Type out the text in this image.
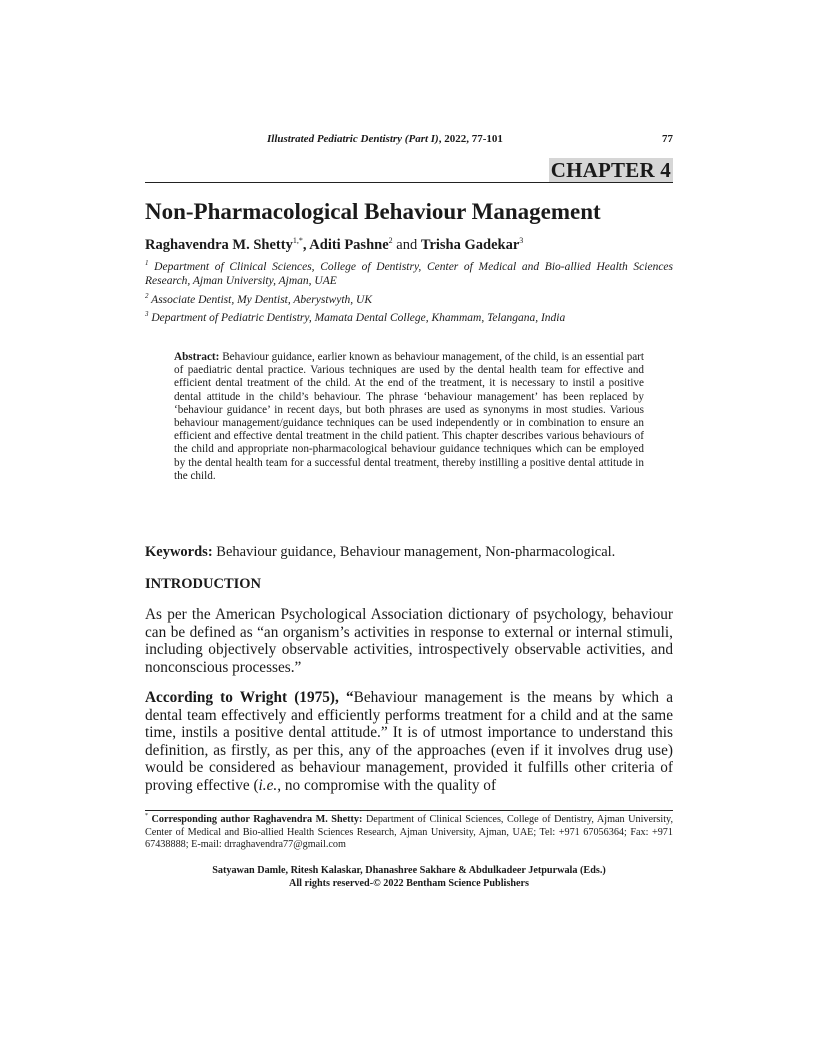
Illustrated Pediatric Dentistry (Part I), 2022, 77-101	77
CHAPTER 4
Non-Pharmacological Behaviour Management
Raghavendra M. Shetty$^{1,*}$, Aditi Pashne$^2$ and Trisha Gadekar$^3$

$^1$ Department of Clinical Sciences, College of Dentistry, Center of Medical and Bio-allied Health Sciences Research, Ajman University, Ajman, UAE

$^2$ Associate Dentist, My Dentist, Aberystwyth, UK

$^3$ Department of Pediatric Dentistry, Mamata Dental College, Khammam, Telangana, India

Abstract: Behaviour guidance, earlier known as behaviour management, of the child, is an essential part of paediatric dental practice. Various techniques are used by the dental health team for effective and efficient dental treatment of the child. At the end of the treatment, it is necessary to instil a positive dental attitude in the child’s behaviour. The phrase ‘behaviour management’ has been replaced by ‘behaviour guidance’ in recent days, but both phrases are used as synonyms in most studies. Various behaviour management/guidance techniques can be used independently or in combination to ensure an efficient and effective dental treatment in the child patient. This chapter describes various behaviours of the child and appropriate non-pharmacological behaviour guidance techniques which can be employed by the dental health team for a successful dental treatment, thereby instilling a positive dental attitude in the child.
Keywords: Behaviour guidance, Behaviour management, Non-pharmacological.
INTRODUCTION

As per the American Psychological Association dictionary of psychology, behaviour can be defined as “an organism’s activities in response to external or internal stimuli, including objectively observable activities, introspectively observable activities, and nonconscious processes.”

According to Wright (1975), “Behaviour management is the means by which a dental team effectively and efficiently performs treatment for a child and at the same time, instils a positive dental attitude.” It is of utmost importance to understand this definition, as firstly, as per this, any of the approaches (even if it involves drug use) would be considered as behaviour management, provided it fulfills other criteria of proving effective (i.e., no compromise with the quality of

* Corresponding author Raghavendra M. Shetty: Department of Clinical Sciences, College of Dentistry, Ajman University, Center of Medical and Bio-allied Health Sciences Research, Ajman University, Ajman, UAE; Tel: +971 67056364; Fax: +971 67438888; E-mail: drraghavendra77@gmail.com
Satyawan Damle, Ritesh Kalaskar, Dhanashree Sakhare & Abdulkadeer Jetpurwala (Eds.)
All rights reserved-© 2022 Bentham Science Publishers
